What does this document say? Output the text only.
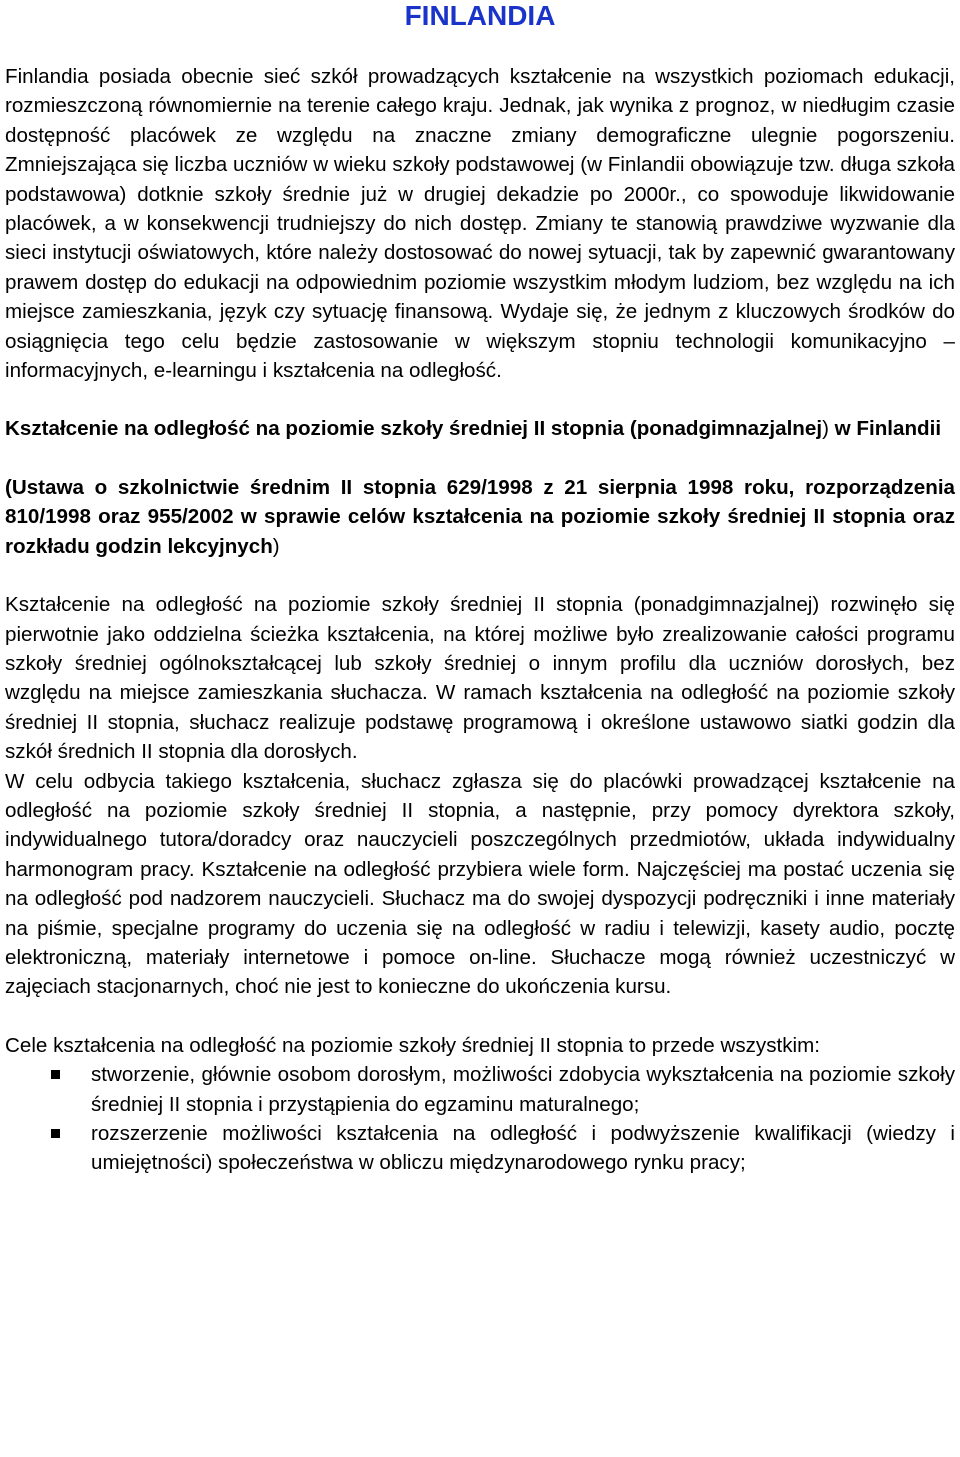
FINLANDIA

Finlandia posiada obecnie sieć szkół prowadzących kształcenie na wszystkich poziomach edukacji, rozmieszczoną równomiernie na terenie całego kraju. Jednak, jak wynika z prognoz, w niedługim czasie dostępność placówek ze względu na znaczne zmiany demograficzne ulegnie pogorszeniu. Zmniejszająca się liczba uczniów w wieku szkoły podstawowej (w Finlandii obowiązuje tzw. długa szkoła podstawowa) dotknie szkoły średnie już w drugiej dekadzie po 2000r., co spowoduje likwidowanie placówek, a w konsekwencji trudniejszy do nich dostęp. Zmiany te stanowią prawdziwe wyzwanie dla sieci instytucji oświatowych, które należy dostosować do nowej sytuacji, tak by zapewnić gwarantowany prawem dostęp do edukacji na odpowiednim poziomie wszystkim młodym ludziom, bez względu na ich miejsce zamieszkania, język czy sytuację finansową. Wydaje się, że jednym z kluczowych środków do osiągnięcia tego celu będzie zastosowanie w większym stopniu technologii komunikacyjno – informacyjnych, e-learningu i kształcenia na odległość.

Kształcenie na odległość na poziomie szkoły średniej II stopnia (ponadgimnazjalnej) w Finlandii

(Ustawa o szkolnictwie średnim II stopnia 629/1998 z 21 sierpnia 1998 roku, rozporządzenia 810/1998 oraz 955/2002 w sprawie celów kształcenia na poziomie szkoły średniej II stopnia oraz rozkładu godzin lekcyjnych)

Kształcenie na odległość na poziomie szkoły średniej II stopnia (ponadgimnazjalnej) rozwinęło się pierwotnie jako oddzielna ścieżka kształcenia, na której możliwe było zrealizowanie całości programu szkoły średniej ogólnokształcącej lub szkoły średniej o innym profilu dla uczniów dorosłych, bez względu na miejsce zamieszkania słuchacza. W ramach kształcenia na odległość na poziomie szkoły średniej II stopnia, słuchacz realizuje podstawę programową i określone ustawowo siatki godzin dla szkół średnich II stopnia dla dorosłych.

W celu odbycia takiego kształcenia, słuchacz zgłasza się do placówki prowadzącej kształcenie na odległość na poziomie szkoły średniej II stopnia, a następnie, przy pomocy dyrektora szkoły, indywidualnego tutora/doradcy oraz nauczycieli poszczególnych przedmiotów, układa indywidualny harmonogram pracy. Kształcenie na odległość przybiera wiele form. Najczęściej ma postać uczenia się na odległość pod nadzorem nauczycieli. Słuchacz ma do swojej dyspozycji podręczniki i inne materiały na piśmie, specjalne programy do uczenia się na odległość w radiu i telewizji, kasety audio, pocztę elektroniczną, materiały internetowe i pomoce on-line. Słuchacze mogą również uczestniczyć w zajęciach stacjonarnych, choć nie jest to konieczne do ukończenia kursu.

Cele kształcenia na odległość na poziomie szkoły średniej II stopnia to przede wszystkim:

stworzenie, głównie osobom dorosłym, możliwości zdobycia wykształcenia na poziomie szkoły średniej II stopnia i przystąpienia do egzaminu maturalnego;
rozszerzenie możliwości kształcenia na odległość i podwyższenie kwalifikacji (wiedzy i umiejętności) społeczeństwa w obliczu międzynarodowego rynku pracy;
